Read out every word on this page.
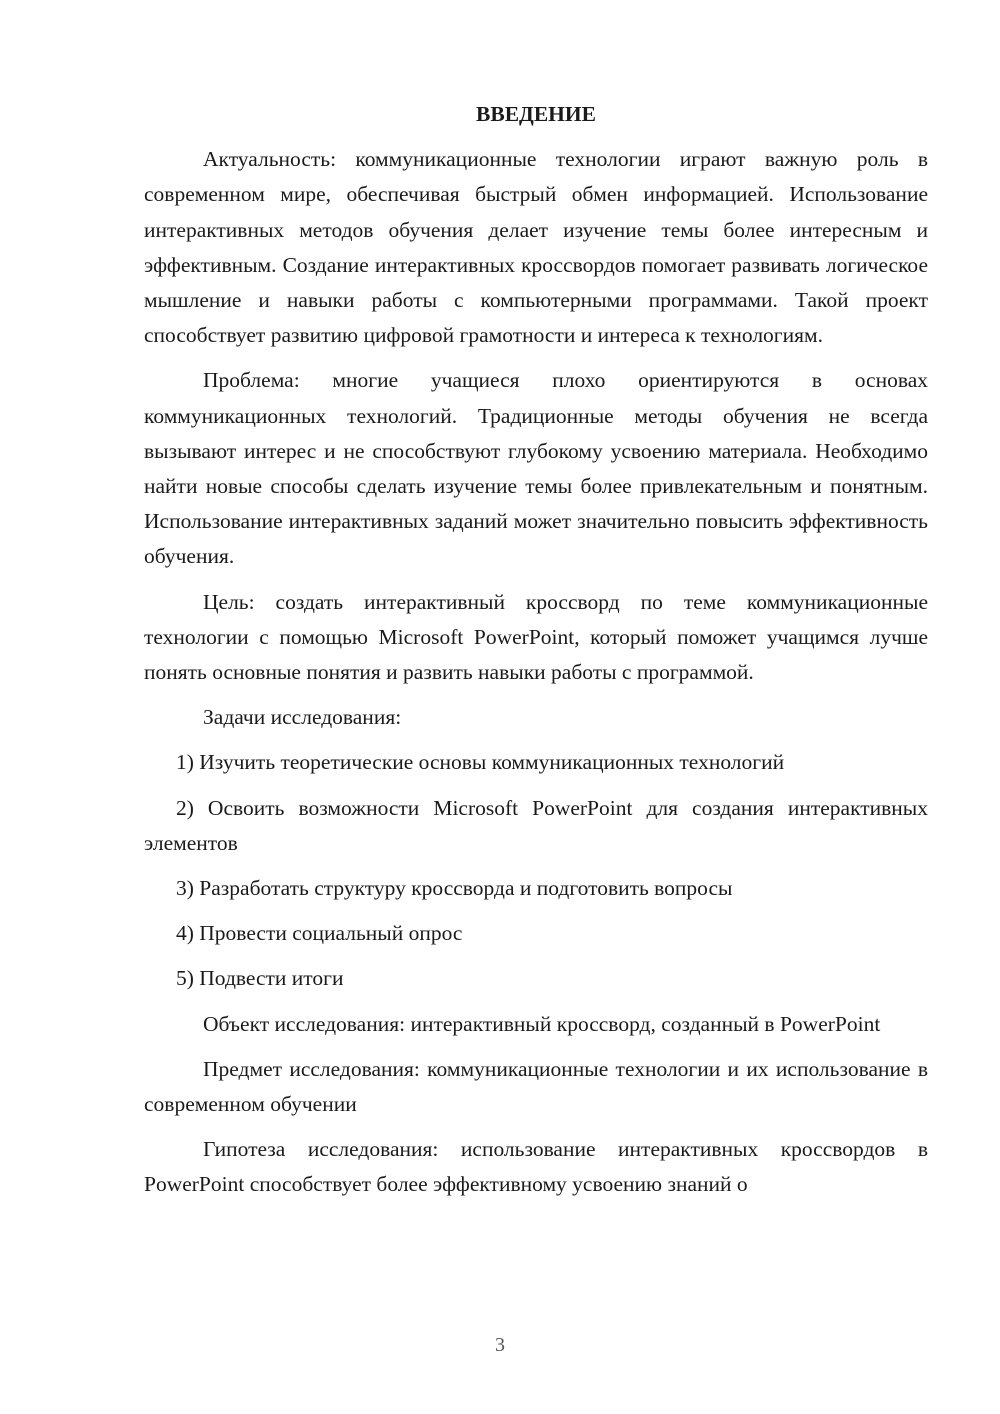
ВВЕДЕНИЕ

Актуальность: коммуникационные технологии играют важную роль в современном мире, обеспечивая быстрый обмен информацией. Использование интерактивных методов обучения делает изучение темы более интересным и эффективным. Создание интерактивных кроссвордов помогает развивать логическое мышление и навыки работы с компьютерными программами. Такой проект способствует развитию цифровой грамотности и интереса к технологиям.

Проблема: многие учащиеся плохо ориентируются в основах коммуникационных технологий. Традиционные методы обучения не всегда вызывают интерес и не способствуют глубокому усвоению материала. Необходимо найти новые способы сделать изучение темы более привлекательным и понятным. Использование интерактивных заданий может значительно повысить эффективность обучения.

Цель: создать интерактивный кроссворд по теме коммуникационные технологии с помощью Microsoft PowerPoint, который поможет учащимся лучше понять основные понятия и развить навыки работы с программой.

Задачи исследования:

1) Изучить теоретические основы коммуникационных технологий

2) Освоить возможности Microsoft PowerPoint для создания интерактивных элементов

3) Разработать структуру кроссворда и подготовить вопросы

4) Провести социальный опрос

5) Подвести итоги

Объект исследования: интерактивный кроссворд, созданный в PowerPoint

Предмет исследования: коммуникационные технологии и их использование в современном обучении

Гипотеза исследования: использование интерактивных кроссвордов в PowerPoint способствует более эффективному усвоению знаний о

3
